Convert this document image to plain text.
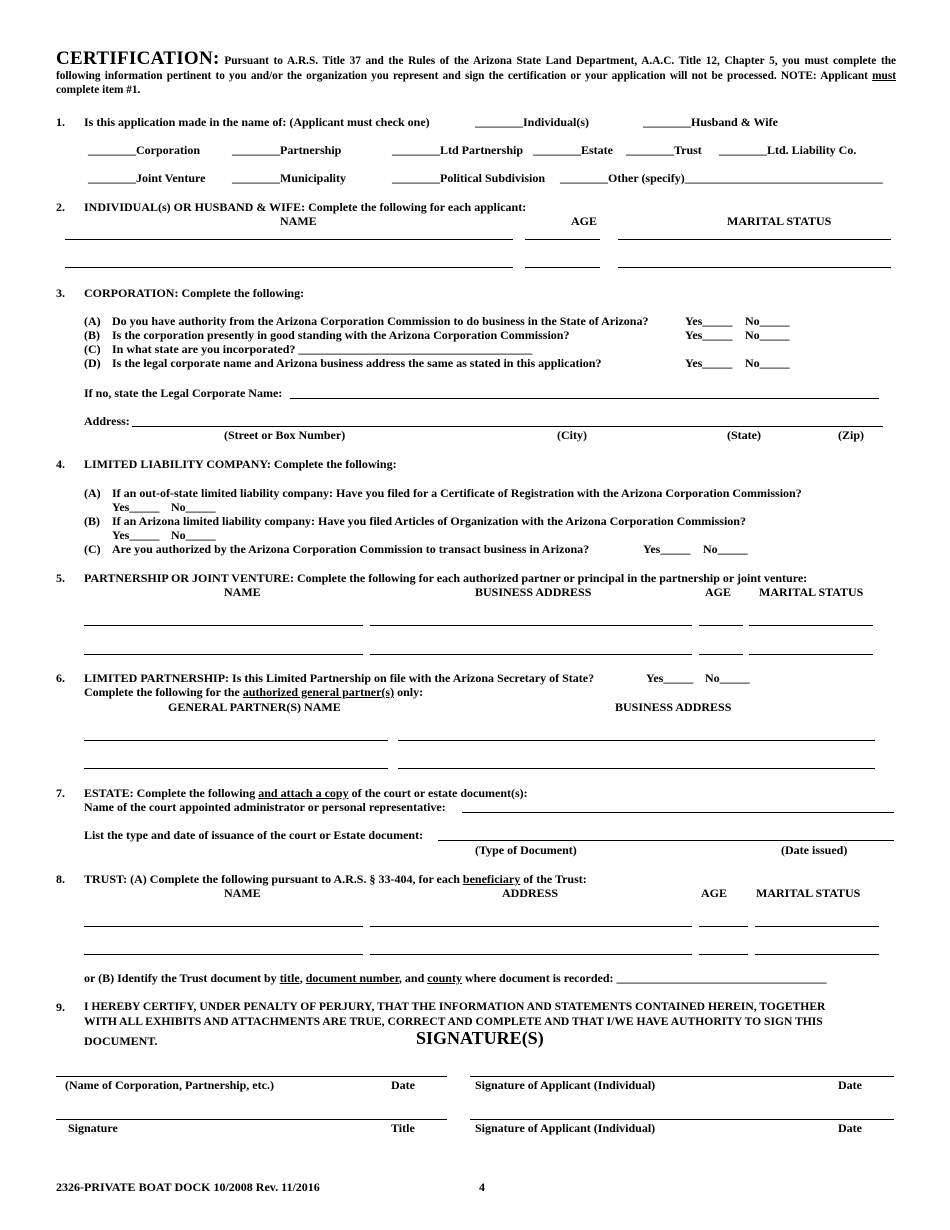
CERTIFICATION: Pursuant to A.R.S. Title 37 and the Rules of the Arizona State Land Department, A.A.C. Title 12, Chapter 5, you must complete the following information pertinent to you and/or the organization you represent and sign the certification or your application will not be processed. NOTE: Applicant must complete item #1.
1. Is this application made in the name of: (Applicant must check one)	________Individual(s)	________Husband & Wife
________Corporation	________Partnership	________Ltd Partnership ________Estate ________Trust ________Ltd. Liability Co.
________Joint Venture ________Municipality	________Political Subdivision ________Other (specify)_________________________________
2. INDIVIDUAL(s) OR HUSBAND & WIFE: Complete the following for each applicant:
NAME	AGE	MARITAL STATUS
3. CORPORATION: Complete the following:
(A) Do you have authority from the Arizona Corporation Commission to do business in the State of Arizona?	Yes_____ No_____
(B) Is the corporation presently in good standing with the Arizona Corporation Commission?	Yes_____ No_____
(C) In what state are you incorporated? _______________________________________
(D) Is the legal corporate name and Arizona business address the same as stated in this application?	Yes_____ No_____
If no, state the Legal Corporate Name:
Address:
(Street or Box Number)	(City)	(State)	(Zip)
4. LIMITED LIABILITY COMPANY: Complete the following:
(A) If an out-of-state limited liability company: Have you filed for a Certificate of Registration with the Arizona Corporation Commission?
Yes_____ No_____
(B) If an Arizona limited liability company: Have you filed Articles of Organization with the Arizona Corporation Commission?
Yes_____ No_____
(C) Are you authorized by the Arizona Corporation Commission to transact business in Arizona?	Yes_____ No_____
5. PARTNERSHIP OR JOINT VENTURE: Complete the following for each authorized partner or principal in the partnership or joint venture:
NAME	BUSINESS ADDRESS	AGE MARITAL STATUS
6. LIMITED PARTNERSHIP: Is this Limited Partnership on file with the Arizona Secretary of State?	Yes_____ No_____
Complete the following for the authorized general partner(s) only:
GENERAL PARTNER(S) NAME	BUSINESS ADDRESS
7. ESTATE: Complete the following and attach a copy of the court or estate document(s):
Name of the court appointed administrator or personal representative:
List the type and date of issuance of the court or Estate document:
(Type of Document)	(Date issued)
8. TRUST: (A) Complete the following pursuant to A.R.S. § 33-404, for each beneficiary of the Trust:
NAME	ADDRESS	AGE MARITAL STATUS
or (B) Identify the Trust document by title, document number, and county where document is recorded: ___________________________________
9. I HEREBY CERTIFY, UNDER PENALTY OF PERJURY, THAT THE INFORMATION AND STATEMENTS CONTAINED HEREIN, TOGETHER
WITH ALL EXHIBITS AND ATTACHMENTS ARE TRUE, CORRECT AND COMPLETE AND THAT I/WE HAVE AUTHORITY TO SIGN THIS
DOCUMENT.	SIGNATURE(S)
(Name of Corporation, Partnership, etc.)	Date	Signature of Applicant (Individual)	Date
Signature	Title	Signature of Applicant (Individual)	Date
2326-PRIVATE BOAT DOCK 10/2008 Rev. 11/2016	4
